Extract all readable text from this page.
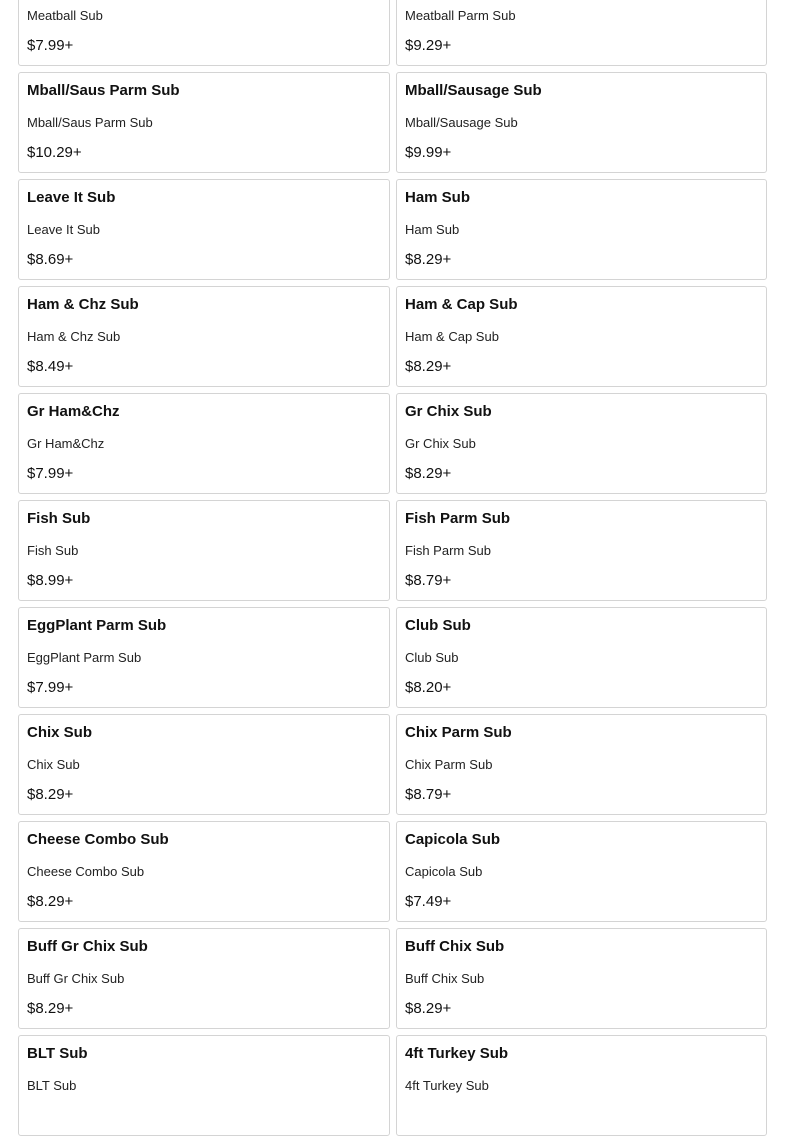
Meatball Sub
$7.99+
Meatball Parm Sub
$9.29+
Mball/Saus Parm Sub
Mball/Saus Parm Sub
$10.29+
Mball/Sausage Sub
Mball/Sausage Sub
$9.99+
Leave It Sub
Leave It Sub
$8.69+
Ham Sub
Ham Sub
$8.29+
Ham & Chz Sub
Ham & Chz Sub
$8.49+
Ham & Cap Sub
Ham & Cap Sub
$8.29+
Gr Ham&Chz
Gr Ham&Chz
$7.99+
Gr Chix Sub
Gr Chix Sub
$8.29+
Fish Sub
Fish Sub
$8.99+
Fish Parm Sub
Fish Parm Sub
$8.79+
EggPlant Parm Sub
EggPlant Parm Sub
$7.99+
Club Sub
Club Sub
$8.20+
Chix Sub
Chix Sub
$8.29+
Chix Parm Sub
Chix Parm Sub
$8.79+
Cheese Combo Sub
Cheese Combo Sub
$8.29+
Capicola Sub
Capicola Sub
$7.49+
Buff Gr Chix Sub
Buff Gr Chix Sub
$8.29+
Buff Chix Sub
Buff Chix Sub
$8.29+
BLT Sub
BLT Sub
4ft Turkey Sub
4ft Turkey Sub
